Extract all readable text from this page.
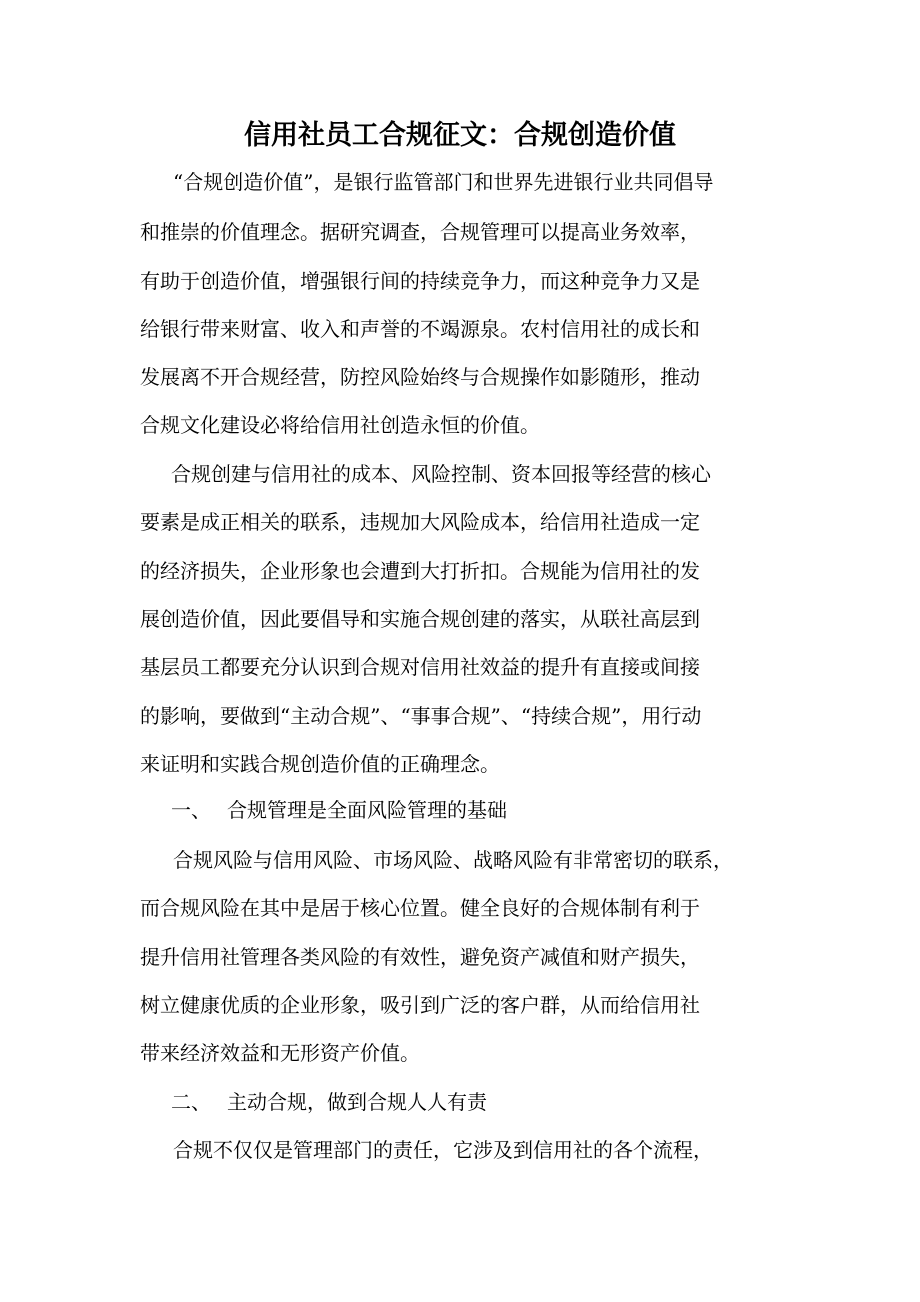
信用社员工合规征文：合规创造价值
“合规创造价值”，是银行监管部门和世界先进银行业共同倡导
和推崇的价值理念。据研究调查，合规管理可以提高业务效率，
有助于创造价值，增强银行间的持续竞争力，而这种竞争力又是
给银行带来财富、收入和声誉的不竭源泉。农村信用社的成长和
发展离不开合规经营，防控风险始终与合规操作如影随形，推动
合规文化建设必将给信用社创造永恒的价值。
合规创建与信用社的成本、风险控制、资本回报等经营的核心
要素是成正相关的联系，违规加大风险成本，给信用社造成一定
的经济损失，企业形象也会遭到大打折扣。合规能为信用社的发
展创造价值，因此要倡导和实施合规创建的落实，从联社高层到
基层员工都要充分认识到合规对信用社效益的提升有直接或间接
的影响，要做到“主动合规”、“事事合规”、“持续合规”，用行动
来证明和实践合规创造价值的正确理念。
一、 合规管理是全面风险管理的基础
合规风险与信用风险、市场风险、战略风险有非常密切的联系，
而合规风险在其中是居于核心位置。健全良好的合规体制有利于
提升信用社管理各类风险的有效性，避免资产减值和财产损失，
树立健康优质的企业形象，吸引到广泛的客户群，从而给信用社
带来经济效益和无形资产价值。
二、 主动合规，做到合规人人有责
合规不仅仅是管理部门的责任，它涉及到信用社的各个流程，
